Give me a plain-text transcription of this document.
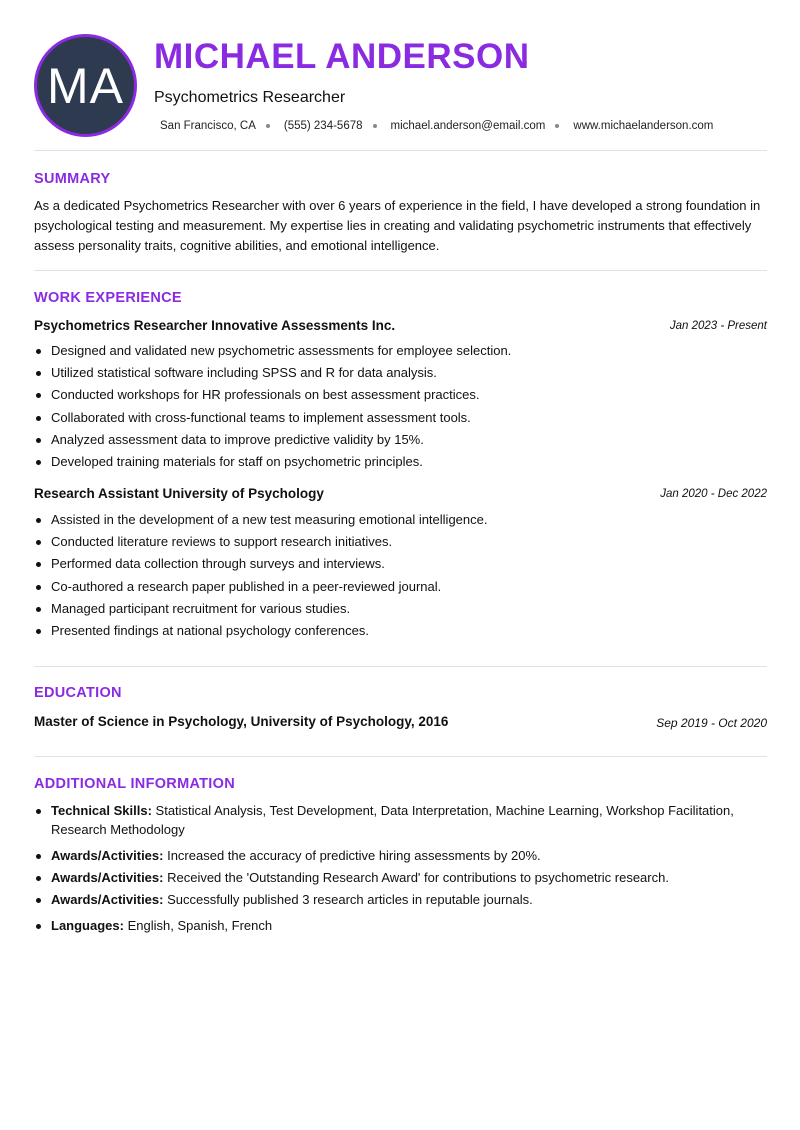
MA
MICHAEL ANDERSON
Psychometrics Researcher
San Francisco, CA (555) 234-5678 michael.anderson@email.com www.michaelanderson.com
SUMMARY
As a dedicated Psychometrics Researcher with over 6 years of experience in the field, I have developed a strong foundation in psychological testing and measurement. My expertise lies in creating and validating psychometric instruments that effectively assess personality traits, cognitive abilities, and emotional intelligence.
WORK EXPERIENCE
Psychometrics Researcher Innovative Assessments Inc.	Jan 2023 - Present
Designed and validated new psychometric assessments for employee selection.
Utilized statistical software including SPSS and R for data analysis.
Conducted workshops for HR professionals on best assessment practices.
Collaborated with cross-functional teams to implement assessment tools.
Analyzed assessment data to improve predictive validity by 15%.
Developed training materials for staff on psychometric principles.
Research Assistant University of Psychology	Jan 2020 - Dec 2022
Assisted in the development of a new test measuring emotional intelligence.
Conducted literature reviews to support research initiatives.
Performed data collection through surveys and interviews.
Co-authored a research paper published in a peer-reviewed journal.
Managed participant recruitment for various studies.
Presented findings at national psychology conferences.
EDUCATION
Master of Science in Psychology, University of Psychology, 2016	Sep 2019 - Oct 2020
ADDITIONAL INFORMATION
Technical Skills: Statistical Analysis, Test Development, Data Interpretation, Machine Learning, Workshop Facilitation, Research Methodology
Awards/Activities: Increased the accuracy of predictive hiring assessments by 20%.
Awards/Activities: Received the 'Outstanding Research Award' for contributions to psychometric research.
Awards/Activities: Successfully published 3 research articles in reputable journals.
Languages: English, Spanish, French
